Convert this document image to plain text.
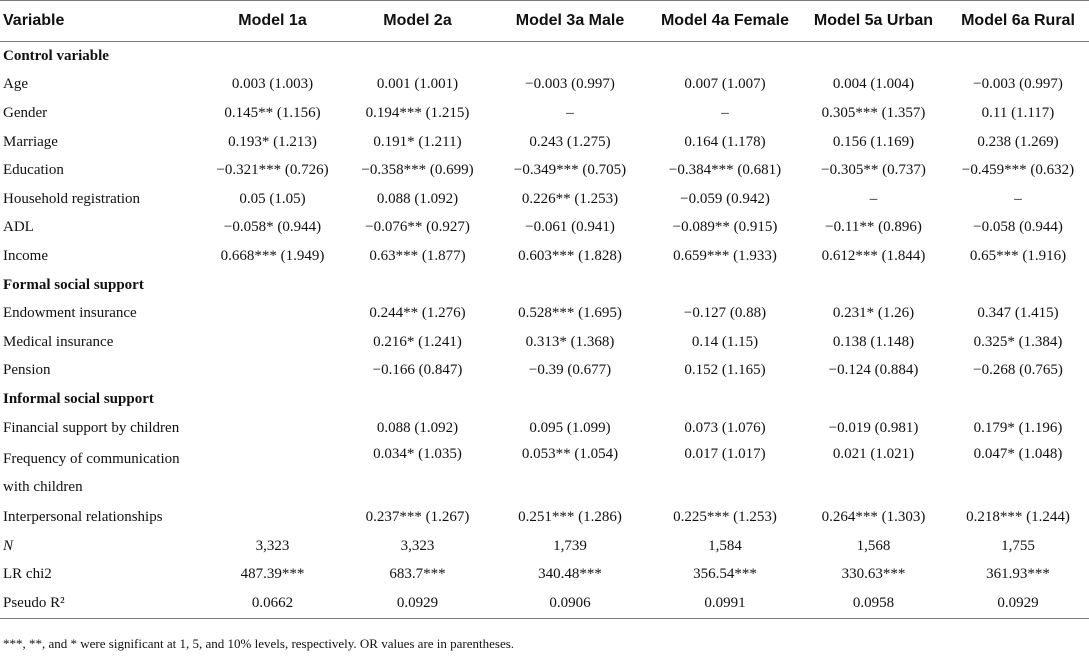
Variable	Model 1a	Model 2a	Model 3a Male	Model 4a Female	Model 5a Urban	Model 6a Rural
Control variable						
Age	0.003 (1.003)	0.001 (1.001)	−0.003 (0.997)	0.007 (1.007)	0.004 (1.004)	−0.003 (0.997)
Gender	0.145** (1.156)	0.194*** (1.215)	–	–	0.305*** (1.357)	0.11 (1.117)
Marriage	0.193* (1.213)	0.191* (1.211)	0.243 (1.275)	0.164 (1.178)	0.156 (1.169)	0.238 (1.269)
Education	−0.321*** (0.726)	−0.358*** (0.699)	−0.349*** (0.705)	−0.384*** (0.681)	−0.305** (0.737)	−0.459*** (0.632)
Household registration	0.05 (1.05)	0.088 (1.092)	0.226** (1.253)	−0.059 (0.942)	–	–
ADL	−0.058* (0.944)	−0.076** (0.927)	−0.061 (0.941)	−0.089** (0.915)	−0.11** (0.896)	−0.058 (0.944)
Income	0.668*** (1.949)	0.63*** (1.877)	0.603*** (1.828)	0.659*** (1.933)	0.612*** (1.844)	0.65*** (1.916)
Formal social support						
Endowment insurance		0.244** (1.276)	0.528*** (1.695)	−0.127 (0.88)	0.231* (1.26)	0.347 (1.415)
Medical insurance		0.216* (1.241)	0.313* (1.368)	0.14 (1.15)	0.138 (1.148)	0.325* (1.384)
Pension		−0.166 (0.847)	−0.39 (0.677)	0.152 (1.165)	−0.124 (0.884)	−0.268 (0.765)
Informal social support						
Financial support by children		0.088 (1.092)	0.095 (1.099)	0.073 (1.076)	−0.019 (0.981)	0.179* (1.196)
Frequency of communication with children		0.034* (1.035)	0.053** (1.054)	0.017 (1.017)	0.021 (1.021)	0.047* (1.048)
Interpersonal relationships		0.237*** (1.267)	0.251*** (1.286)	0.225*** (1.253)	0.264*** (1.303)	0.218*** (1.244)
N	3,323	3,323	1,739	1,584	1,568	1,755
LR chi2	487.39***	683.7***	340.48***	356.54***	330.63***	361.93***
Pseudo R²	0.0662	0.0929	0.0906	0.0991	0.0958	0.0929
***, **, and * were significant at 1, 5, and 10% levels, respectively. OR values are in parentheses.
